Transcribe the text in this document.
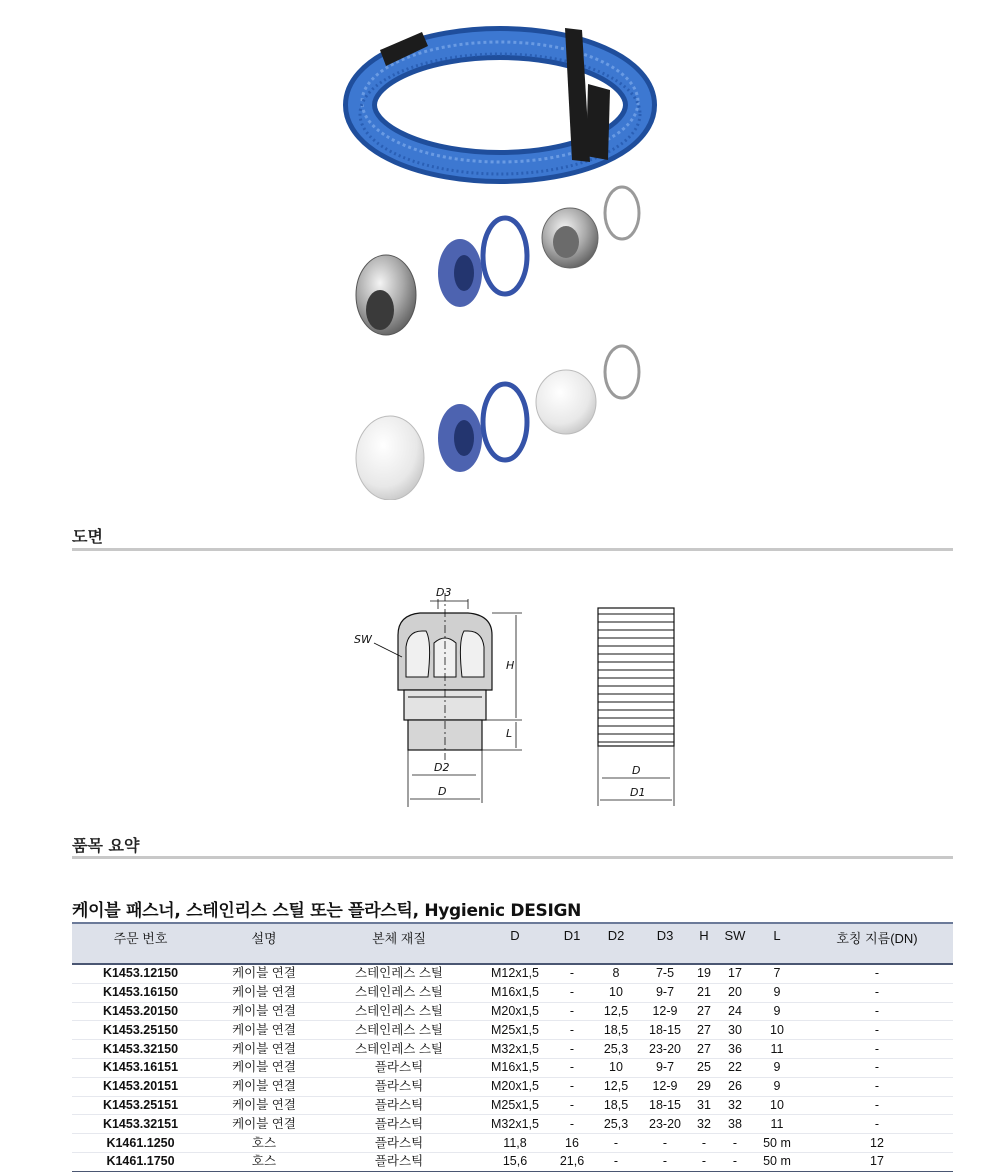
도면
D3
SW
H
L
D2
D
D
D1
품목 요약
케이블 패스너, 스테인리스 스틸 또는 플라스틱, Hygienic DESIGN
주문 번호	설명	본체 재질	D	D1	D2	D3	H	SW	L	호칭 지름(DN)
K1453.12150	케이블 연결	스테인레스 스틸	M12x1,5	-	8	7-5	19	17	7	-
K1453.16150	케이블 연결	스테인레스 스틸	M16x1,5	-	10	9-7	21	20	9	-
K1453.20150	케이블 연결	스테인레스 스틸	M20x1,5	-	12,5	12-9	27	24	9	-
K1453.25150	케이블 연결	스테인레스 스틸	M25x1,5	-	18,5	18-15	27	30	10	-
K1453.32150	케이블 연결	스테인레스 스틸	M32x1,5	-	25,3	23-20	27	36	11	-
K1453.16151	케이블 연결	플라스틱	M16x1,5	-	10	9-7	25	22	9	-
K1453.20151	케이블 연결	플라스틱	M20x1,5	-	12,5	12-9	29	26	9	-
K1453.25151	케이블 연결	플라스틱	M25x1,5	-	18,5	18-15	31	32	10	-
K1453.32151	케이블 연결	플라스틱	M32x1,5	-	25,3	23-20	32	38	11	-
K1461.1250	호스	플라스틱	11,8	16	-	-	-	-	50 m	12
K1461.1750	호스	플라스틱	15,6	21,6	-	-	-	-	50 m	17
